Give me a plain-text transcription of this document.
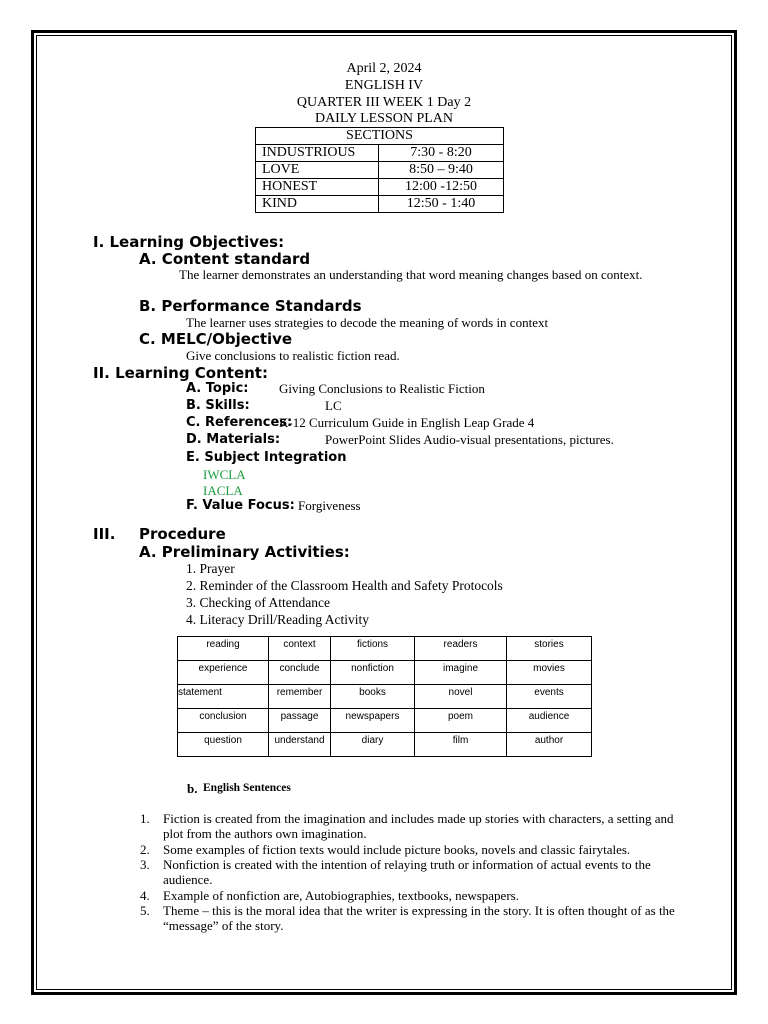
April 2, 2024
ENGLISH IV
QUARTER III WEEK 1 Day 2
DAILY LESSON PLAN
SECTIONS	
INDUSTRIOUS	7:30 - 8:20
LOVE	8:50 – 9:40
HONEST	12:00 -12:50
KIND	12:50 - 1:40
I. Learning Objectives:
A. Content standard
The learner demonstrates an understanding that word meaning changes based on context.
B. Performance Standards
The learner uses strategies to decode the meaning of words in context
C. MELC/Objective
Give conclusions to realistic fiction read.
II. Learning Content:
A. Topic: Giving Conclusions to Realistic Fiction
B. Skills:	LC
C. References:
K-12 Curriculum Guide in English Leap Grade 4
D. Materials:	PowerPoint Slides Audio-visual presentations, pictures.
E. Subject Integration
IWCLA
IACLA
F. Value Focus: Forgiveness
III. Procedure
A. Preliminary Activities:
1. Prayer
2. Reminder of the Classroom Health and Safety Protocols
3. Checking of Attendance
4. Literacy Drill/Reading Activity
reading	context	fictions	readers	stories
experience	conclude	nonfiction	imagine	movies
statement	remember	books	novel	events
conclusion	passage	newspapers	poem	audience
question	understand	diary	film	author
b. English Sentences
1. Fiction is created from the imagination and includes made up stories with characters, a setting and plot from the authors own imagination.
2. Some examples of fiction texts would include picture books, novels and classic fairytales.
3. Nonfiction is created with the intention of relaying truth or information of actual events to the audience.
4. Example of nonfiction are, Autobiographies, textbooks, newspapers.
5. Theme – this is the moral idea that the writer is expressing in the story. It is often thought of as the “message” of the story.
